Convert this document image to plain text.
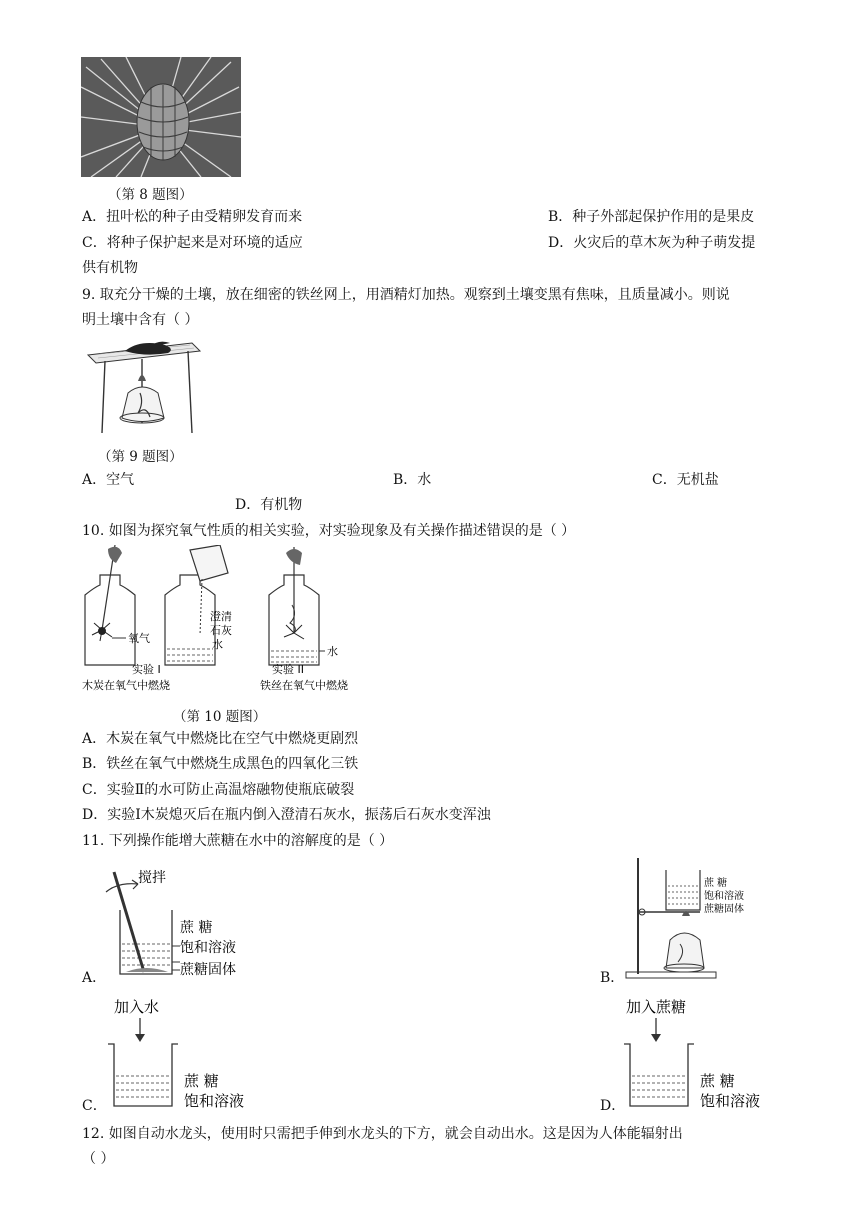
（第 8 题图）
A．扭叶松的种子由受精卵发育而来	B．种子外部起保护作用的是果皮
C．将种子保护起来是对环境的适应	D．火灾后的草木灰为种子萌发提
供有机物
9. 取充分干燥的土壤，放在细密的铁丝网上，用酒精灯加热。观察到土壤变黑有焦味，且质量减小。则说
明土壤中含有（ ）
（第 9 题图）
A．空气	B．水	C．无机盐
D．有机物
10. 如图为探究氧气性质的相关实验，对实验现象及有关操作描述错误的是（ ）
氧气
澄清
石灰
水
水
实验 I
木炭在氧气中燃烧
实验 II
铁丝在氧气中燃烧
（第 10 题图）
A．木炭在氧气中燃烧比在空气中燃烧更剧烈
B．铁丝在氧气中燃烧生成黑色的四氧化三铁
C．实验Ⅱ的水可防止高温熔融物使瓶底破裂
D．实验Ⅰ木炭熄灭后在瓶内倒入澄清石灰水，振荡后石灰水变浑浊
11. 下列操作能增大蔗糖在水中的溶解度的是（ ）
A．
搅拌
蔗 糖
饱和溶液
蔗糖固体	B．
蔗 糖
饱和溶液
蔗糖固体
C．
加入水
蔗 糖
饱和溶液	D．
加入蔗糖
蔗 糖
饱和溶液
12. 如图自动水龙头，使用时只需把手伸到水龙头的下方，就会自动出水。这是因为人体能辐射出
（ ）
